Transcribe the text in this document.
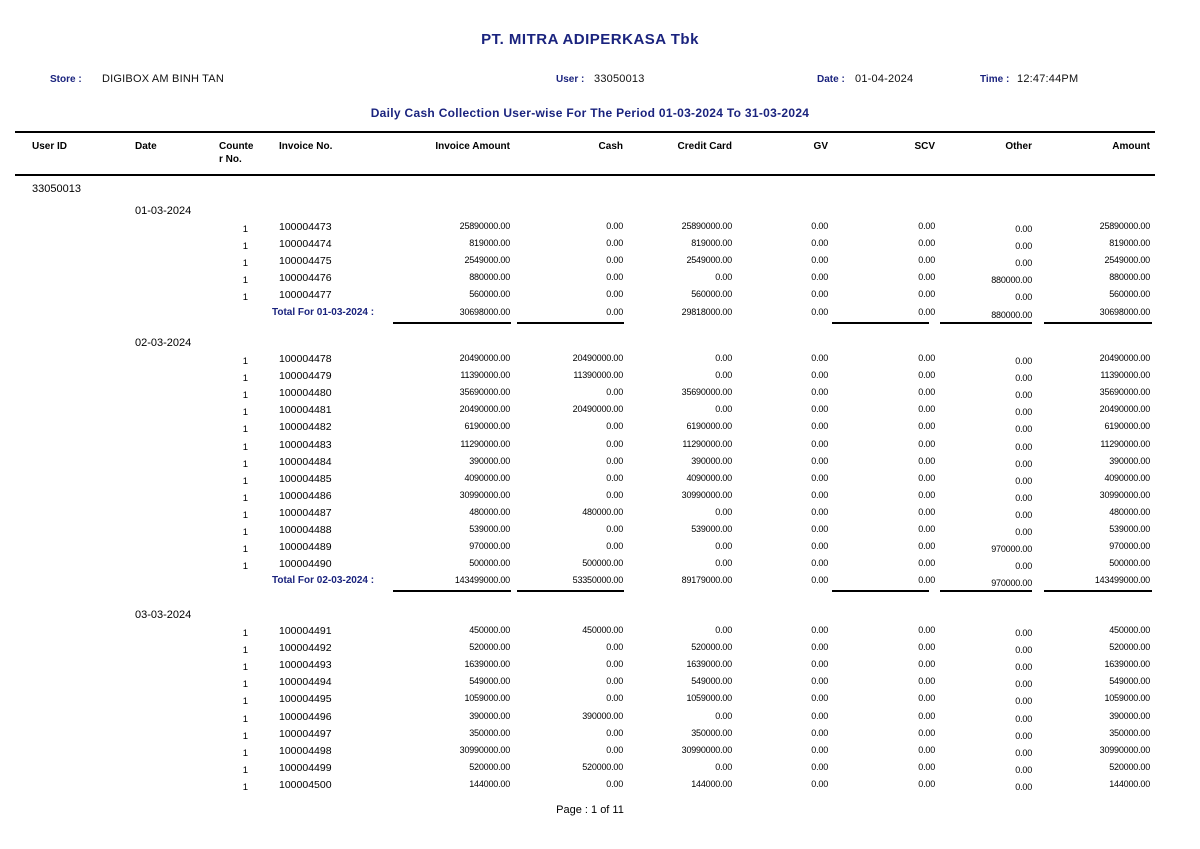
PT. MITRA ADIPERKASA Tbk
Store : DIGIBOX AM BINH TAN	User : 33050013	Date : 01-04-2024	Time : 12:47:44PM
Daily Cash Collection User-wise For The Period 01-03-2024 To 31-03-2024
User ID	Date	Counte
r No.
Invoice No.	Invoice Amount	Cash	Credit Card	GV	SCV	Other	Amount
33050013
01-03-2024
1	100004473	25890000.00	0.00	25890000.00	0.00	0.00	0.00	25890000.00
1	100004474	819000.00	0.00	819000.00	0.00	0.00	0.00	819000.00
1	100004475	2549000.00	0.00	2549000.00	0.00	0.00	0.00	2549000.00
1	100004476	880000.00	0.00	0.00	0.00	0.00	880000.00	880000.00
1	100004477	560000.00	0.00	560000.00	0.00	0.00	0.00	560000.00
Total For 01-03-2024 :	30698000.00	0.00	29818000.00	0.00	0.00	880000.00	30698000.00
02-03-2024
1	100004478	20490000.00	20490000.00	0.00	0.00	0.00	0.00	20490000.00
1	100004479	11390000.00	11390000.00	0.00	0.00	0.00	0.00	11390000.00
1	100004480	35690000.00	0.00	35690000.00	0.00	0.00	0.00	35690000.00
1	100004481	20490000.00	20490000.00	0.00	0.00	0.00	0.00	20490000.00
1	100004482	6190000.00	0.00	6190000.00	0.00	0.00	0.00	6190000.00
1	100004483	11290000.00	0.00	11290000.00	0.00	0.00	0.00	11290000.00
1	100004484	390000.00	0.00	390000.00	0.00	0.00	0.00	390000.00
1	100004485	4090000.00	0.00	4090000.00	0.00	0.00	0.00	4090000.00
1	100004486	30990000.00	0.00	30990000.00	0.00	0.00	0.00	30990000.00
1	100004487	480000.00	480000.00	0.00	0.00	0.00	0.00	480000.00
1	100004488	539000.00	0.00	539000.00	0.00	0.00	0.00	539000.00
1	100004489	970000.00	0.00	0.00	0.00	0.00	970000.00	970000.00
1	100004490	500000.00	500000.00	0.00	0.00	0.00	0.00	500000.00
Total For 02-03-2024 :	143499000.00	53350000.00	89179000.00	0.00	0.00	970000.00	143499000.00
03-03-2024
1	100004491	450000.00	450000.00	0.00	0.00	0.00	0.00	450000.00
1	100004492	520000.00	0.00	520000.00	0.00	0.00	0.00	520000.00
1	100004493	1639000.00	0.00	1639000.00	0.00	0.00	0.00	1639000.00
1	100004494	549000.00	0.00	549000.00	0.00	0.00	0.00	549000.00
1	100004495	1059000.00	0.00	1059000.00	0.00	0.00	0.00	1059000.00
1	100004496	390000.00	390000.00	0.00	0.00	0.00	0.00	390000.00
1	100004497	350000.00	0.00	350000.00	0.00	0.00	0.00	350000.00
1	100004498	30990000.00	0.00	30990000.00	0.00	0.00	0.00	30990000.00
1	100004499	520000.00	520000.00	0.00	0.00	0.00	0.00	520000.00
1	100004500	144000.00	0.00	144000.00	0.00	0.00	0.00	144000.00
Page : 1 of 11
